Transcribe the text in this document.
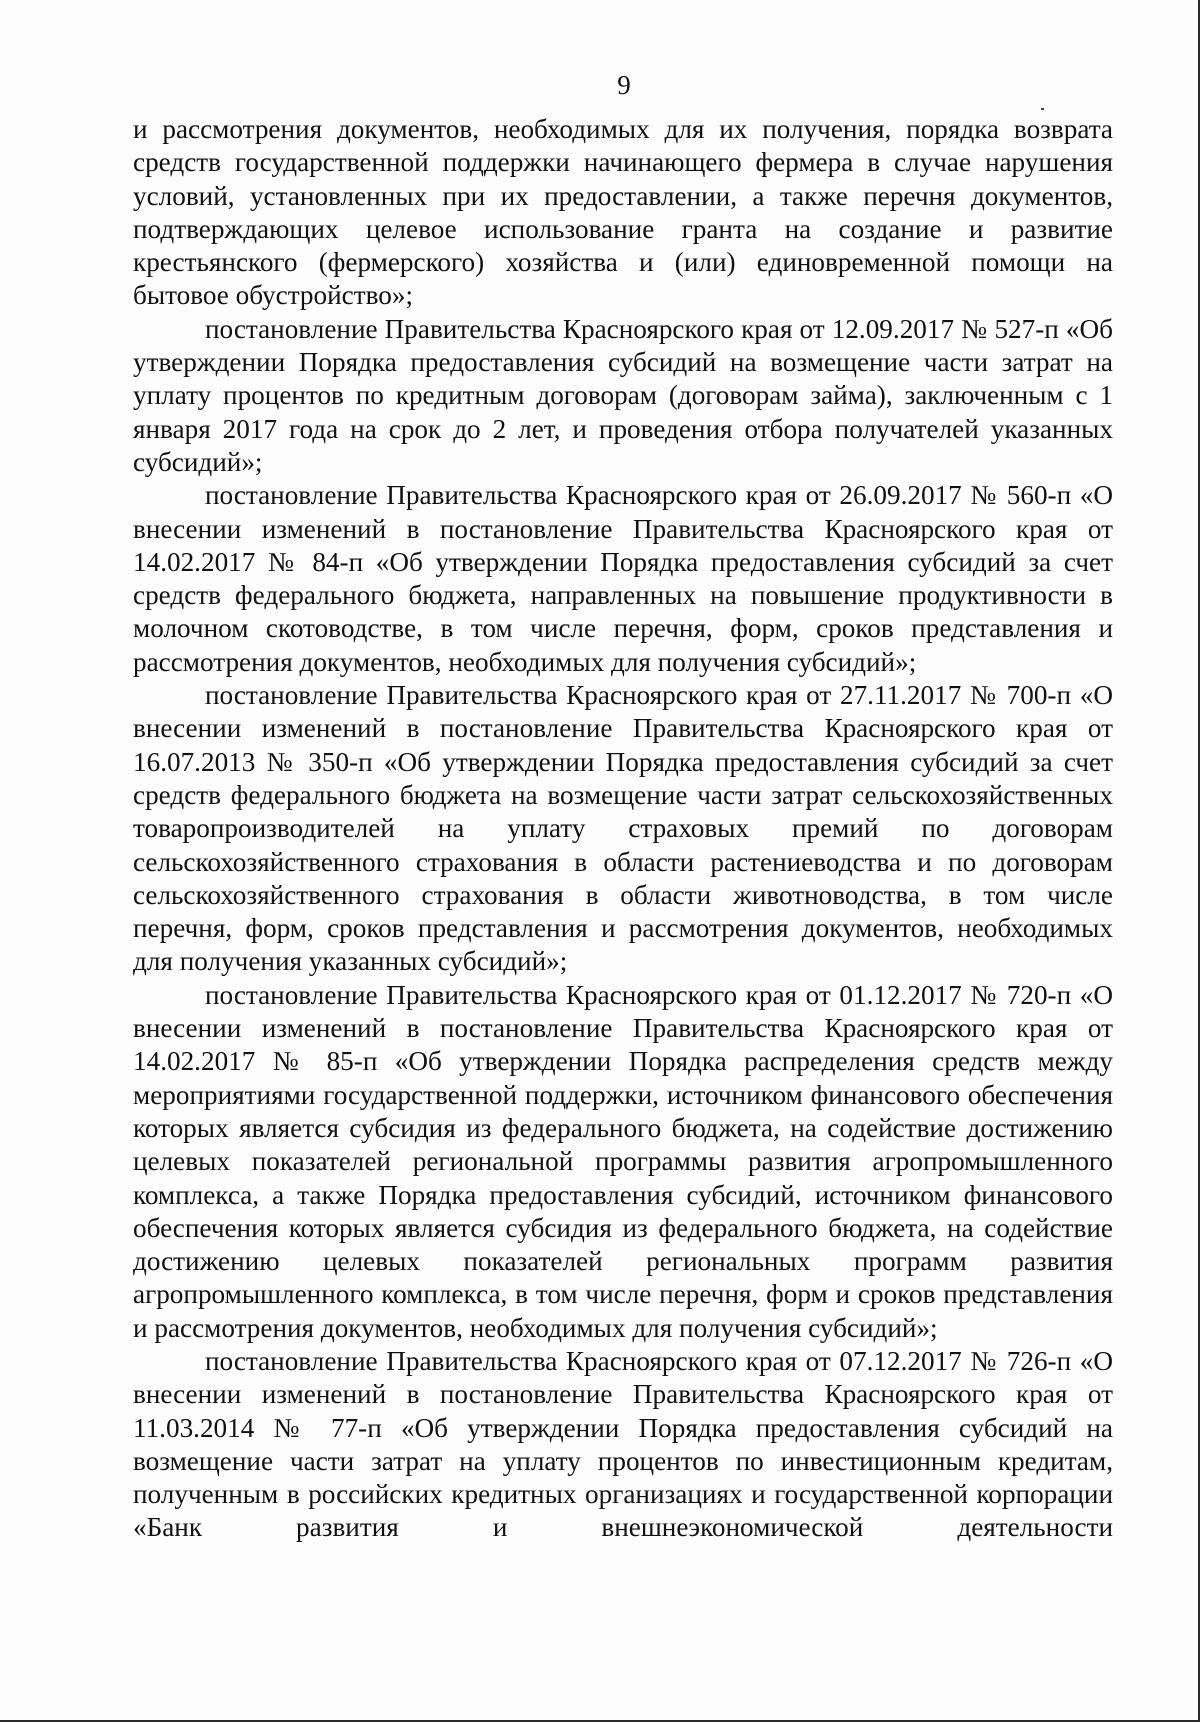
9

и рассмотрения документов, необходимых для их получения, порядка возврата средств государственной поддержки начинающего фермера в случае нарушения условий, установленных при их предоставлении, а также перечня документов, подтверждающих целевое использование гранта на создание и развитие крестьянского (фермерского) хозяйства и (или) единовременной помощи на бытовое обустройство»;

постановление Правительства Красноярского края от 12.09.2017 № 527-п «Об утверждении Порядка предоставления субсидий на возмещение части затрат на уплату процентов по кредитным договорам (договорам займа), заключенным с 1 января 2017 года на срок до 2 лет, и проведения отбора получателей указанных субсидий»;

постановление Правительства Красноярского края от 26.09.2017 № 560-п «О внесении изменений в постановление Правительства Красноярского края от 14.02.2017 № 84-п «Об утверждении Порядка предоставления субсидий за счет средств федерального бюджета, направленных на повышение продуктивности в молочном скотоводстве, в том числе перечня, форм, сроков представления и рассмотрения документов, необходимых для получения субсидий»;

постановление Правительства Красноярского края от 27.11.2017 № 700-п «О внесении изменений в постановление Правительства Красноярского края от 16.07.2013 № 350-п «Об утверждении Порядка предоставления субсидий за счет средств федерального бюджета на возмещение части затрат сельскохозяйственных товаропроизводителей на уплату страховых премий по договорам сельскохозяйственного страхования в области растениеводства и по договорам сельскохозяйственного страхования в области животноводства, в том числе перечня, форм, сроков представления и рассмотрения документов, необходимых для получения указанных субсидий»;

постановление Правительства Красноярского края от 01.12.2017 № 720-п «О внесении изменений в постановление Правительства Красноярского края от 14.02.2017 № 85-п «Об утверждении Порядка распределения средств между мероприятиями государственной поддержки, источником финансового обеспечения которых является субсидия из федерального бюджета, на содействие достижению целевых показателей региональной программы развития агропромышленного комплекса, а также Порядка предоставления субсидий, источником финансового обеспечения которых является субсидия из федерального бюджета, на содействие достижению целевых показателей региональных программ развития агропромышленного комплекса, в том числе перечня, форм и сроков представления и рассмотрения документов, необходимых для получения субсидий»;

постановление Правительства Красноярского края от 07.12.2017 № 726-п «О внесении изменений в постановление Правительства Красноярского края от 11.03.2014 № 77-п «Об утверждении Порядка предоставления субсидий на возмещение части затрат на уплату процентов по инвестиционным кредитам, полученным в российских кредитных организациях и государственной корпорации «Банк развития и внешнеэкономической деятельности
